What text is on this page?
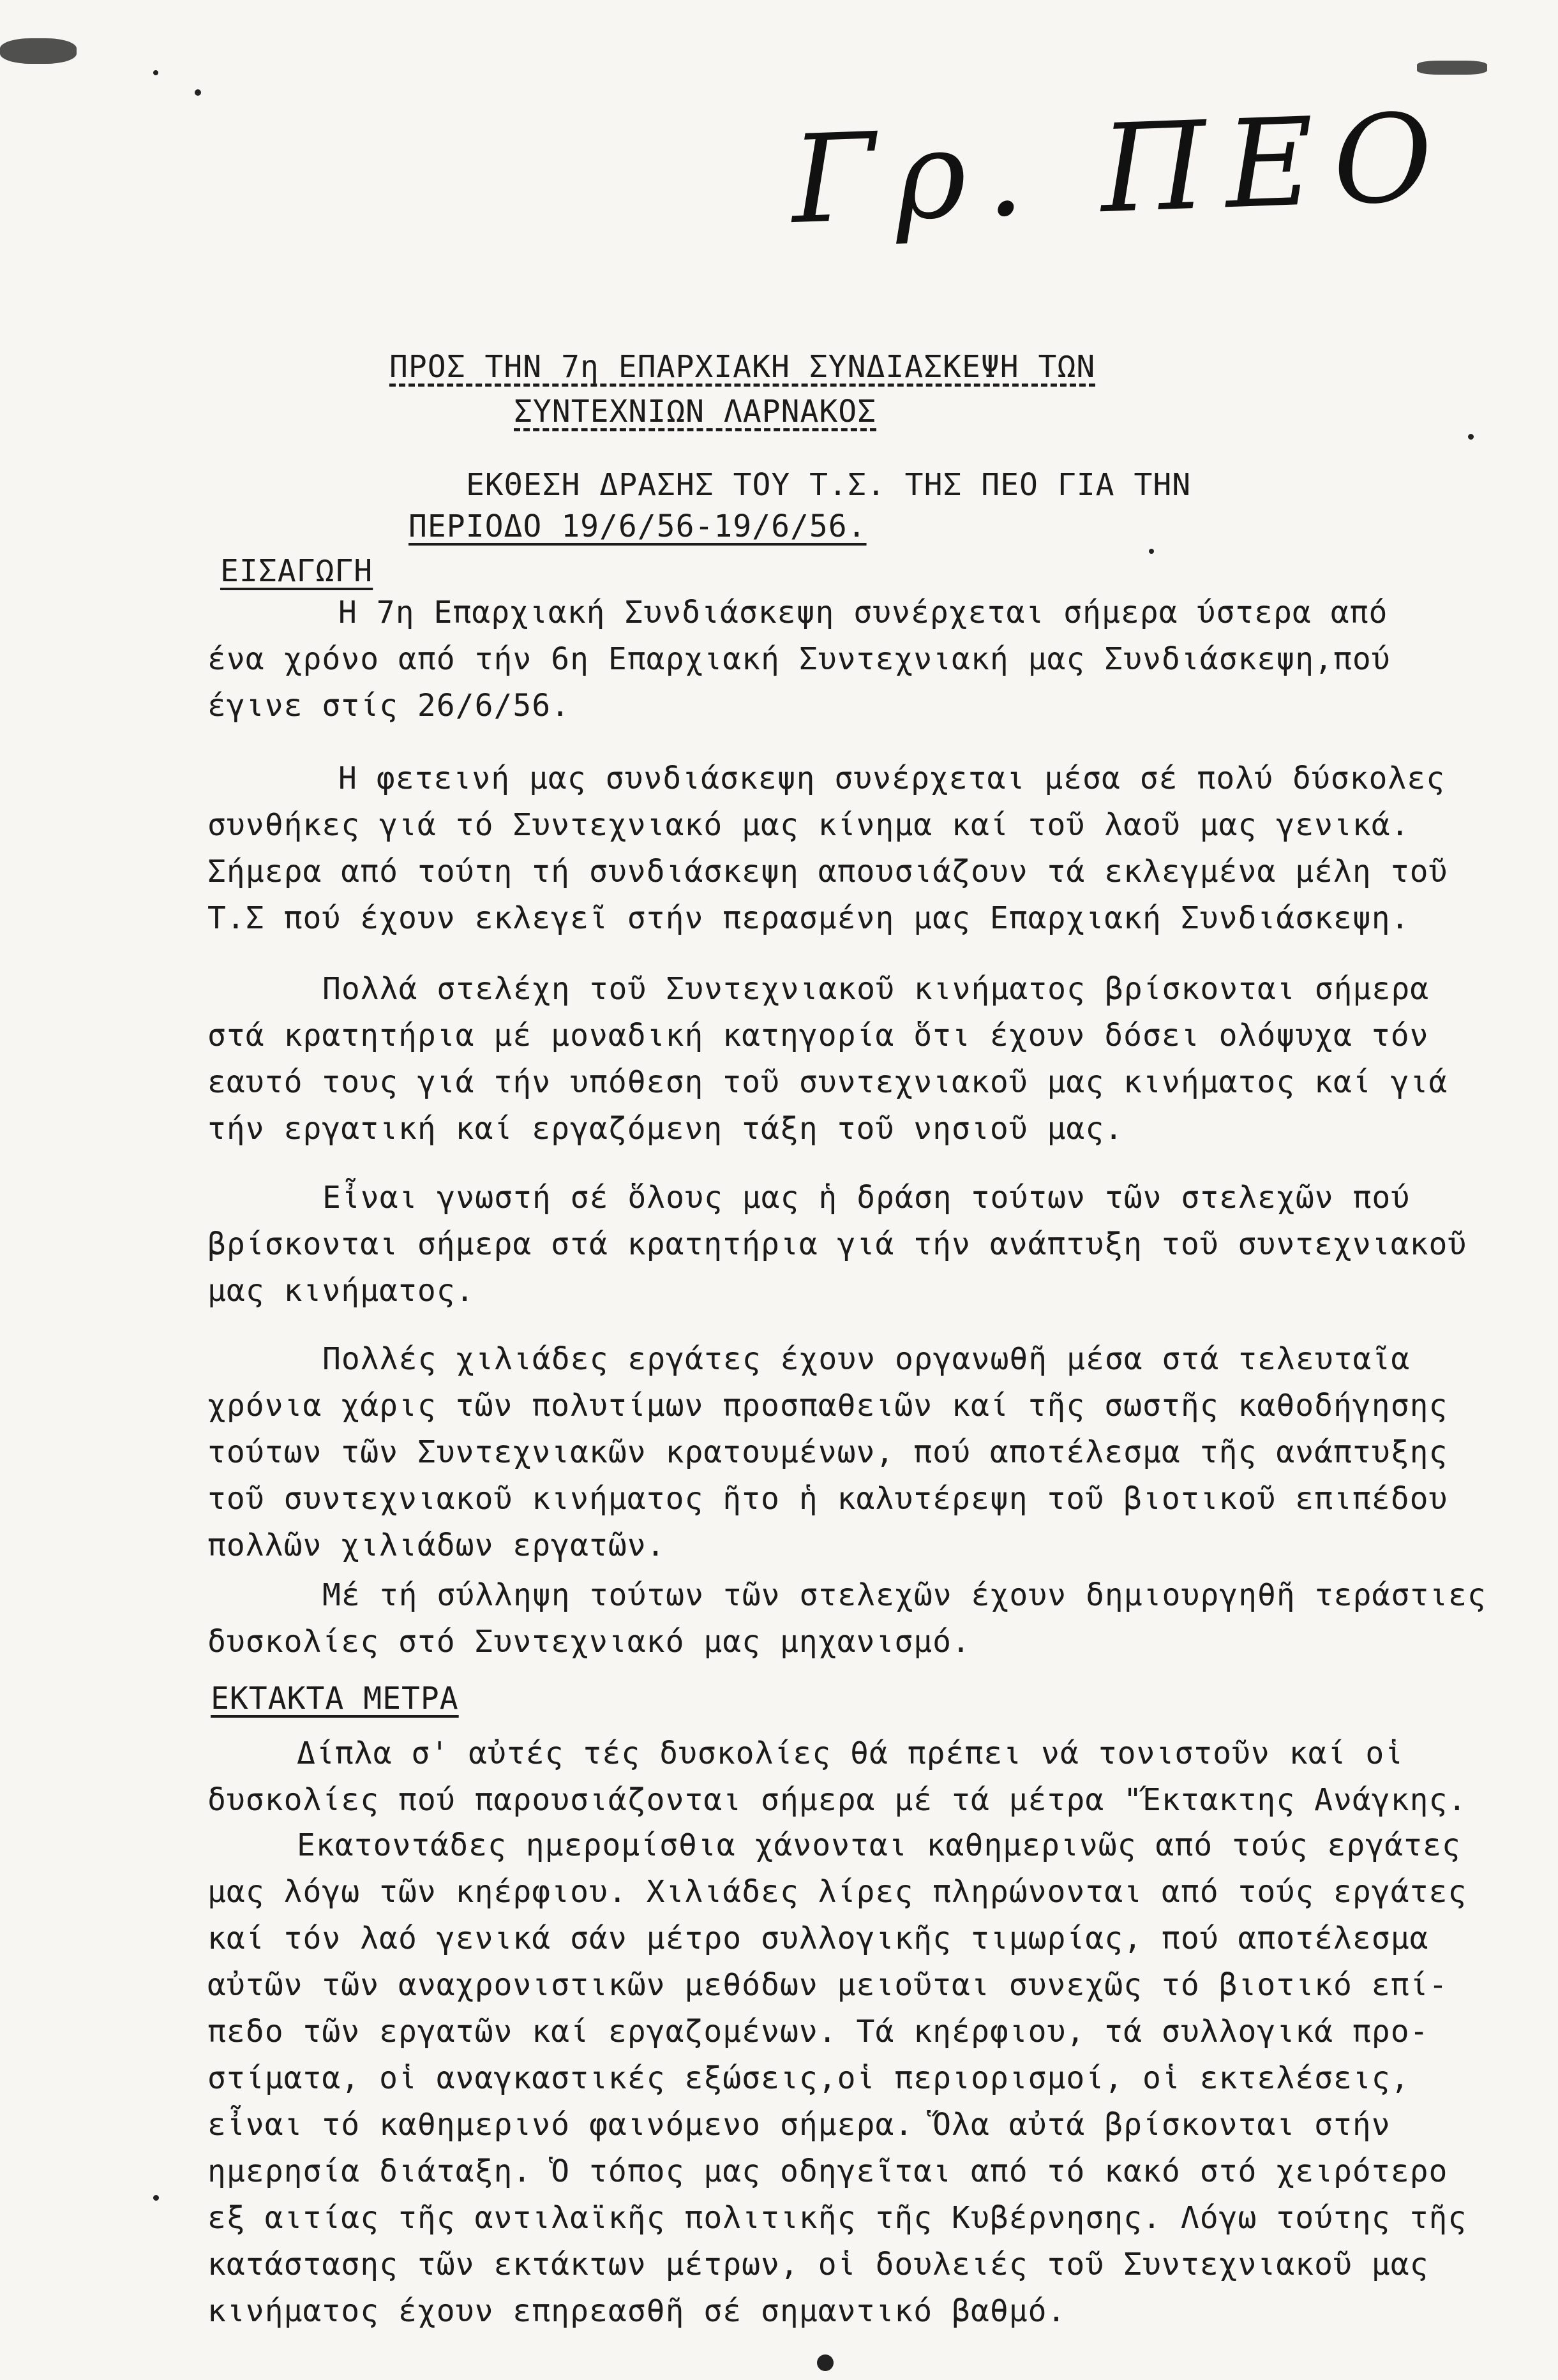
Γρ. ΠΕΟ
ΠΡΟΣ ΤΗΝ 7η ΕΠΑΡΧΙΑΚΗ ΣΥΝΔΙΑΣΚΕΨΗ ΤΩΝ
ΣΥΝΤΕΧΝΙΩΝ ΛΑΡΝΑΚΟΣ
ΕΚΘΕΣΗ ΔΡΑΣΗΣ ΤΟΥ Τ.Σ. ΤΗΣ ΠΕΟ ΓΙΑ ΤΗΝ
ΠΕΡΙΟΔΟ 19/6/56-19/6/56.
ΕΙΣΑΓΩΓΗ
Η 7η Επαρχιακή Συνδιάσκεψη συνέρχεται σήμερα ύστερα από
ένα χρόνο από τήν 6η Επαρχιακή Συντεχνιακή μας Συνδιάσκεψη,πού
έγινε στίς 26/6/56.
Η φετεινή μας συνδιάσκεψη συνέρχεται μέσα σέ πολύ δύσκολες
συνθήκες γιά τό Συντεχνιακό μας κίνημα καί τοῦ λαοῦ μας γενικά.
Σήμερα από τούτη τή συνδιάσκεψη απουσιάζουν τά εκλεγμένα μέλη τοῦ
Τ.Σ πού έχουν εκλεγεῖ στήν περασμένη μας Επαρχιακή Συνδιάσκεψη.
Πολλά στελέχη τοῦ Συντεχνιακοῦ κινήματος βρίσκονται σήμερα
στά κρατητήρια μέ μοναδική κατηγορία ὅτι έχουν δόσει ολόψυχα τόν
εαυτό τους γιά τήν υπόθεση τοῦ συντεχνιακοῦ μας κινήματος καί γιά
τήν εργατική καί εργαζόμενη τάξη τοῦ νησιοῦ μας.
Εἶναι γνωστή σέ ὅλους μας ἡ δράση τούτων τῶν στελεχῶν πού
βρίσκονται σήμερα στά κρατητήρια γιά τήν ανάπτυξη τοῦ συντεχνιακοῦ
μας κινήματος.
Πολλές χιλιάδες εργάτες έχουν οργανωθῆ μέσα στά τελευταῖα
χρόνια χάρις τῶν πολυτίμων προσπαθειῶν καί τῆς σωστῆς καθοδήγησης
τούτων τῶν Συντεχνιακῶν κρατουμένων, πού αποτέλεσμα τῆς ανάπτυξης
τοῦ συντεχνιακοῦ κινήματος ῆτο ἡ καλυτέρεψη τοῦ βιοτικοῦ επιπέδου
πολλῶν χιλιάδων εργατῶν.
Μέ τή σύλληψη τούτων τῶν στελεχῶν έχουν δημιουργηθῆ τεράστιες
δυσκολίες στό Συντεχνιακό μας μηχανισμό.
ΕΚΤΑΚΤΑ ΜΕΤΡΑ
Δίπλα σ' αὐτές τές δυσκολίες θά πρέπει νά τονιστοῦν καί οἱ
δυσκολίες πού παρουσιάζονται σήμερα μέ τά μέτρα "Έκτακτης Ανάγκης.
Εκατοντάδες ημερομίσθια χάνονται καθημερινῶς από τούς εργάτες
μας λόγω τῶν κηέρφιου. Χιλιάδες λίρες πληρώνονται από τούς εργάτες
καί τόν λαό γενικά σάν μέτρο συλλογικῆς τιμωρίας, πού αποτέλεσμα
αὐτῶν τῶν αναχρονιστικῶν μεθόδων μειοῦται συνεχῶς τό βιοτικό επί-
πεδο τῶν εργατῶν καί εργαζομένων. Τά κηέρφιου, τά συλλογικά προ-
στίματα, οἱ αναγκαστικές εξώσεις,οἱ περιορισμοί, οἱ εκτελέσεις,
εἶναι τό καθημερινό φαινόμενο σήμερα. Ὅλα αὐτά βρίσκονται στήν
ημερησία διάταξη. Ὁ τόπος μας οδηγεῖται από τό κακό στό χειρότερο
εξ αιτίας τῆς αντιλαϊκῆς πολιτικῆς τῆς Κυβέρνησης. Λόγω τούτης τῆς
κατάστασης τῶν εκτάκτων μέτρων, οἱ δουλειές τοῦ Συντεχνιακοῦ μας
κινήματος έχουν επηρεασθῆ σέ σημαντικό βαθμό.
